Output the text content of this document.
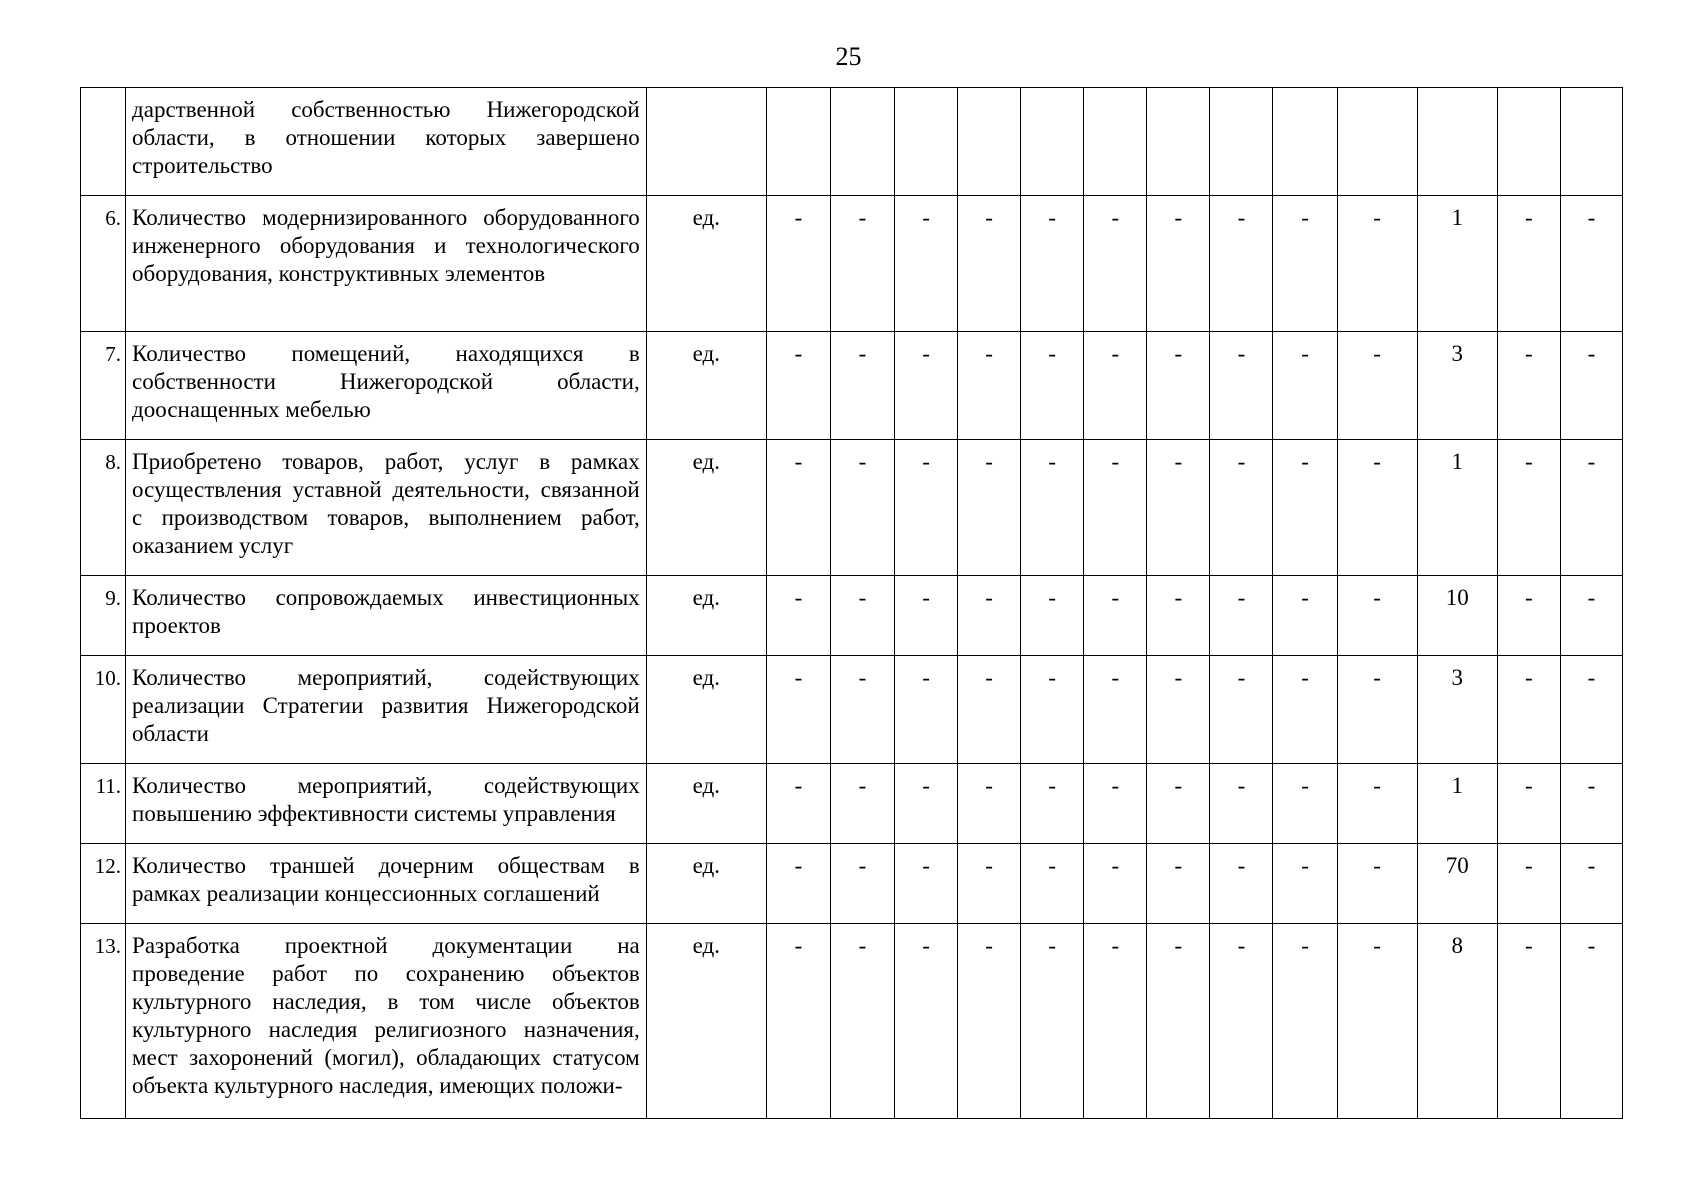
25
	дарственной собственностью Нижегородской области, в отношении которых завершено строительство														
6.	Количество модернизированного оборудованного инженерного оборудования и технологического оборудования, конструктивных элементов	ед.	-	-	-	-	-	-	-	-	-	-	1	-	-
7.	Количество помещений, находящихся в собственности Нижегородской области, дооснащенных мебелью	ед.	-	-	-	-	-	-	-	-	-	-	3	-	-
8.	Приобретено товаров, работ, услуг в рамках осуществления уставной деятельности, связанной с производством товаров, выполнением работ, оказанием услуг	ед.	-	-	-	-	-	-	-	-	-	-	1	-	-
9.	Количество сопровождаемых инвестиционных проектов	ед.	-	-	-	-	-	-	-	-	-	-	10	-	-
10.	Количество мероприятий, содействующих реализации Стратегии развития Нижегородской области	ед.	-	-	-	-	-	-	-	-	-	-	3	-	-
11.	Количество мероприятий, содействующих повышению эффективности системы управления	ед.	-	-	-	-	-	-	-	-	-	-	1	-	-
12.	Количество траншей дочерним обществам в рамках реализации концессионных соглашений	ед.	-	-	-	-	-	-	-	-	-	-	70	-	-
13.	Разработка проектной документации на проведение работ по сохранению объектов культурного наследия, в том числе объектов культурного наследия религиозного назначения, мест захоронений (могил), обладающих статусом объекта культурного наследия, имеющих положи-	ед.	-	-	-	-	-	-	-	-	-	-	8	-	-
